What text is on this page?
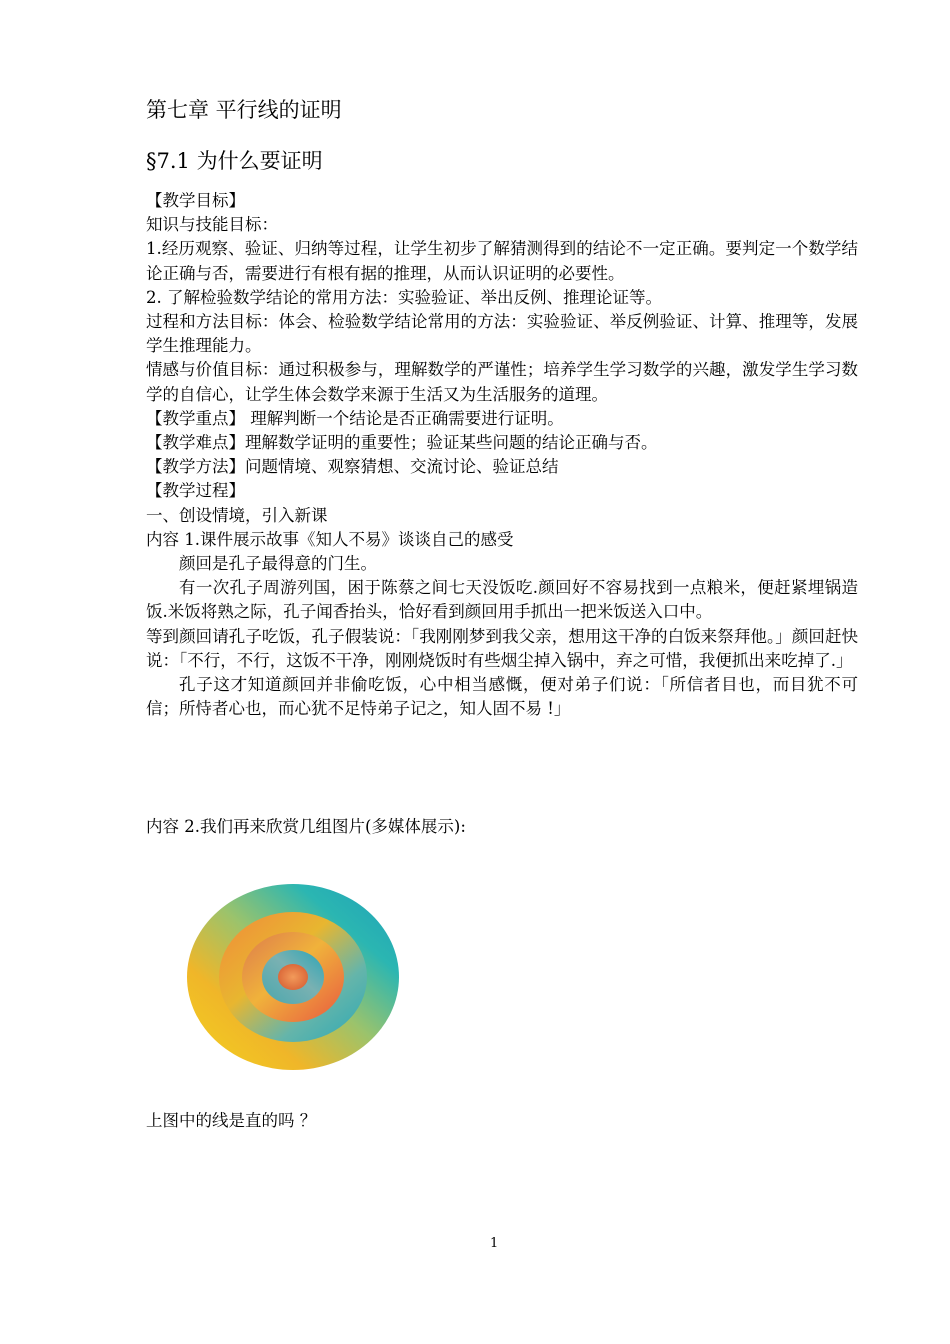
第七章 平行线的证明
§7.1 为什么要证明
【教学目标】
知识与技能目标：
1.经历观察、验证、归纳等过程，让学生初步了解猜测得到的结论不一定正确。要判定一个数学结论正确与否，需要进行有根有据的推理，从而认识证明的必要性。
2. 了解检验数学结论的常用方法：实验验证、举出反例、推理论证等。
过程和方法目标：体会、检验数学结论常用的方法：实验验证、举反例验证、计算、推理等，发展学生推理能力。
情感与价值目标：通过积极参与，理解数学的严谨性；培养学生学习数学的兴趣，激发学生学习数学的自信心，让学生体会数学来源于生活又为生活服务的道理。
【教学重点】 理解判断一个结论是否正确需要进行证明。
【教学难点】理解数学证明的重要性；验证某些问题的结论正确与否。
【教学方法】问题情境、观察猜想、交流讨论、验证总结
【教学过程】
一、创设情境，引入新课
内容 1.课件展示故事《知人不易》谈谈自己的感受
颜回是孔子最得意的门生。
有一次孔子周游列国，困于陈蔡之间七天没饭吃.颜回好不容易找到一点粮米，便赶紧埋锅造饭.米饭将熟之际，孔子闻香抬头，恰好看到颜回用手抓出一把米饭送入口中。
等到颜回请孔子吃饭，孔子假装说：「我刚刚梦到我父亲，想用这干净的白饭来祭拜他。」颜回赶快说：「不行，不行，这饭不干净，刚刚烧饭时有些烟尘掉入锅中，弃之可惜，我便抓出来吃掉了.」
孔子这才知道颜回并非偷吃饭，心中相当感慨，便对弟子们说：「所信者目也，而目犹不可信；所恃者心也，而心犹不足恃弟子记之，知人固不易 !」
内容 2.我们再来欣赏几组图片(多媒体展示):
上图中的线是直的吗 ？
1
